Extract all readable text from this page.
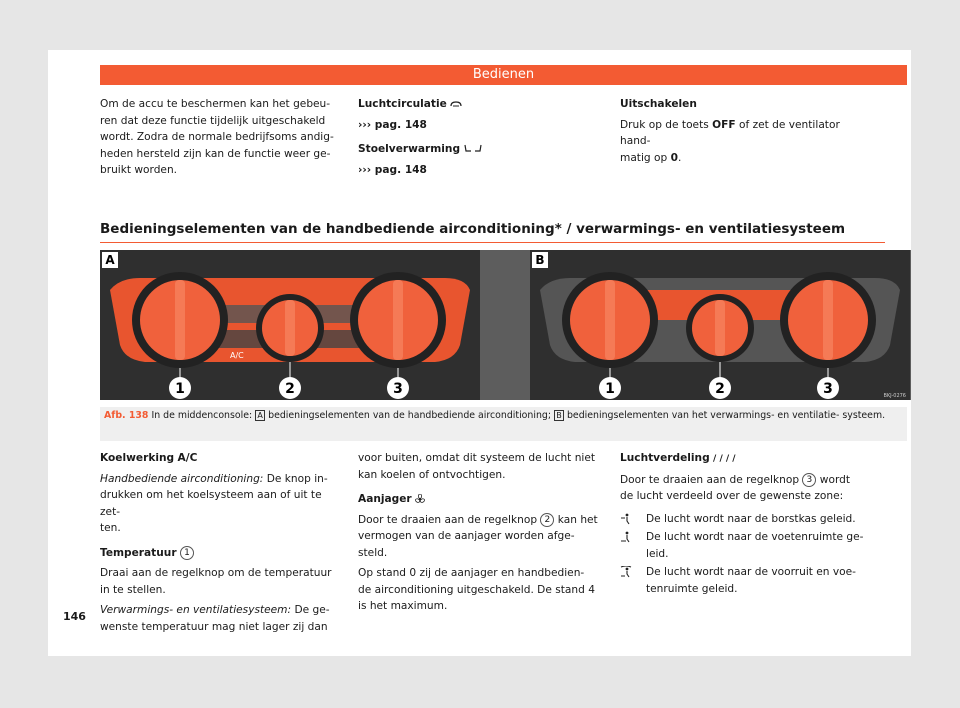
Bedienen
Om de accu te beschermen kan het gebeu-
ren dat deze functie tijdelijk uitgeschakeld
wordt. Zodra de normale bedrijfsoms andig-
heden hersteld zijn kan de functie weer ge-
bruikt worden.
Luchtcirculatie
››› pag. 148
Stoelverwarming
››› pag. 148
Uitschakelen
Druk op de toets OFF of zet de ventilator hand-
matig op 0.
Bedieningselementen van de handbediende airconditioning* / verwarmings- en ventilatiesysteem
A/C
1	2	3
A
1	2	3	BKJ-0276
B
Afb. 138 In de middenconsole: A bedieningselementen van de handbediende airconditioning; B bedieningselementen van het verwarmings- en ventilatie- systeem.
Koelwerking A/C
Handbediende airconditioning: De knop in-
drukken om het koelsysteem aan of uit te zet-
ten.
Temperatuur 1
Draai aan de regelknop om de temperatuur
in te stellen.
Verwarmings- en ventilatiesysteem: De ge-
wenste temperatuur mag niet lager zij dan
voor buiten, omdat dit systeem de lucht niet
kan koelen of ontvochtigen.
Aanjager
Door te draaien aan de regelknop 2 kan het
vermogen van de aanjager worden afge-
steld.
Op stand 0 zij de aanjager en handbedien-
de airconditioning uitgeschakeld. De stand 4
is het maximum.
Luchtverdeling / / / /
Door te draaien aan de regelknop 3 wordt
de lucht verdeeld over de gewenste zone:
De lucht wordt naar de borstkas geleid.
De lucht wordt naar de voetenruimte ge-
leid.
De lucht wordt naar de voorruit en voe-
tenruimte geleid.
146
